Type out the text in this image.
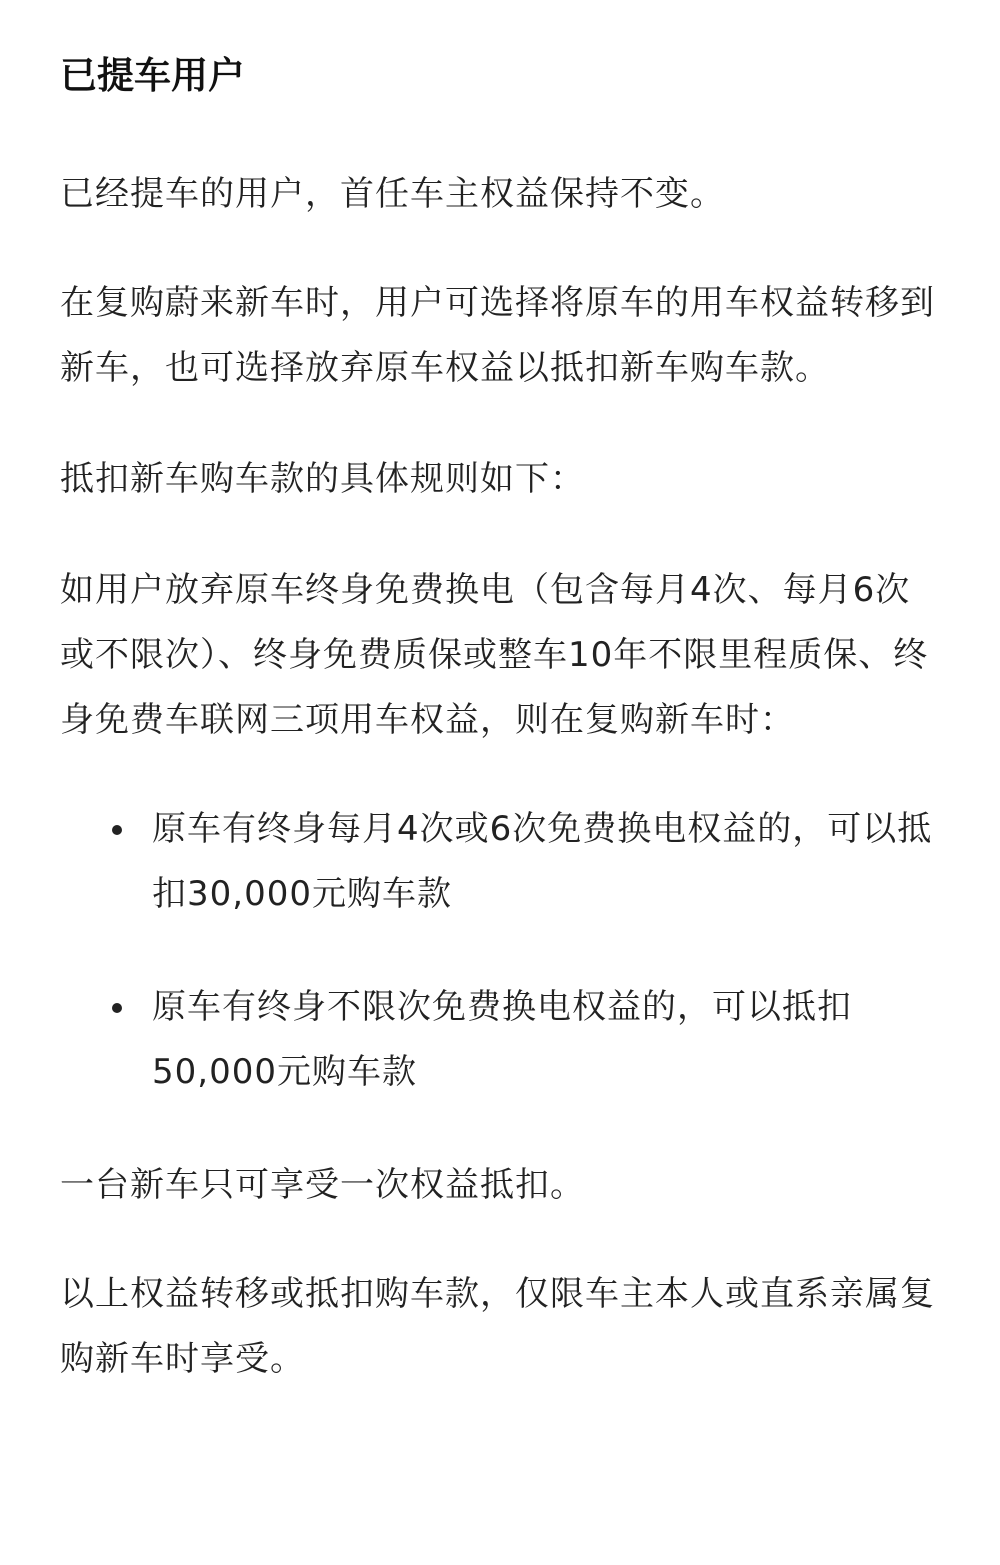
已提车用户

已经提车的用户，首任车主权益保持不变。

在复购蔚来新车时，用户可选择将原车的用车权益转移到新车，也可选择放弃原车权益以抵扣新车购车款。

抵扣新车购车款的具体规则如下：

如用户放弃原车终身免费换电（包含每月4次、每月6次或不限次）、终身免费质保或整车10年不限里程质保、终身免费车联网三项用车权益，则在复购新车时：

原车有终身每月4次或6次免费换电权益的，可以抵扣30,000元购车款
原车有终身不限次免费换电权益的，可以抵扣50,000元购车款

一台新车只可享受一次权益抵扣。

以上权益转移或抵扣购车款，仅限车主本人或直系亲属复购新车时享受。
